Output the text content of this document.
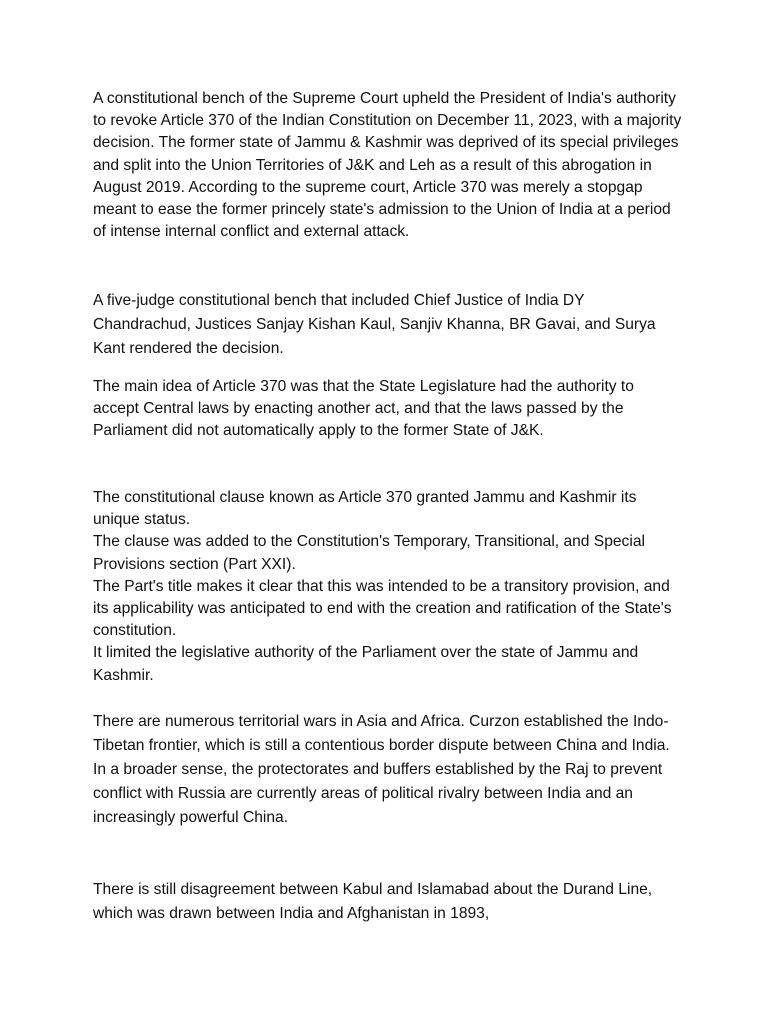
A constitutional bench of the Supreme Court upheld the President of India's authority to revoke Article 370 of the Indian Constitution on December 11, 2023, with a majority decision. The former state of Jammu & Kashmir was deprived of its special privileges and split into the Union Territories of J&K and Leh as a result of this abrogation in August 2019. According to the supreme court, Article 370 was merely a stopgap meant to ease the former princely state's admission to the Union of India at a period of intense internal conflict and external attack.

A five-judge constitutional bench that included Chief Justice of India DY Chandrachud, Justices Sanjay Kishan Kaul, Sanjiv Khanna, BR Gavai, and Surya Kant rendered the decision.

The main idea of Article 370 was that the State Legislature had the authority to accept Central laws by enacting another act, and that the laws passed by the Parliament did not automatically apply to the former State of J&K.

The constitutional clause known as Article 370 granted Jammu and Kashmir its unique status.

The clause was added to the Constitution's Temporary, Transitional, and Special Provisions section (Part XXI).

The Part's title makes it clear that this was intended to be a transitory provision, and its applicability was anticipated to end with the creation and ratification of the State's constitution.

It limited the legislative authority of the Parliament over the state of Jammu and Kashmir.

There are numerous territorial wars in Asia and Africa. Curzon established the Indo-Tibetan frontier, which is still a contentious border dispute between China and India. In a broader sense, the protectorates and buffers established by the Raj to prevent conflict with Russia are currently areas of political rivalry between India and an increasingly powerful China.

There is still disagreement between Kabul and Islamabad about the Durand Line, which was drawn between India and Afghanistan in 1893,
